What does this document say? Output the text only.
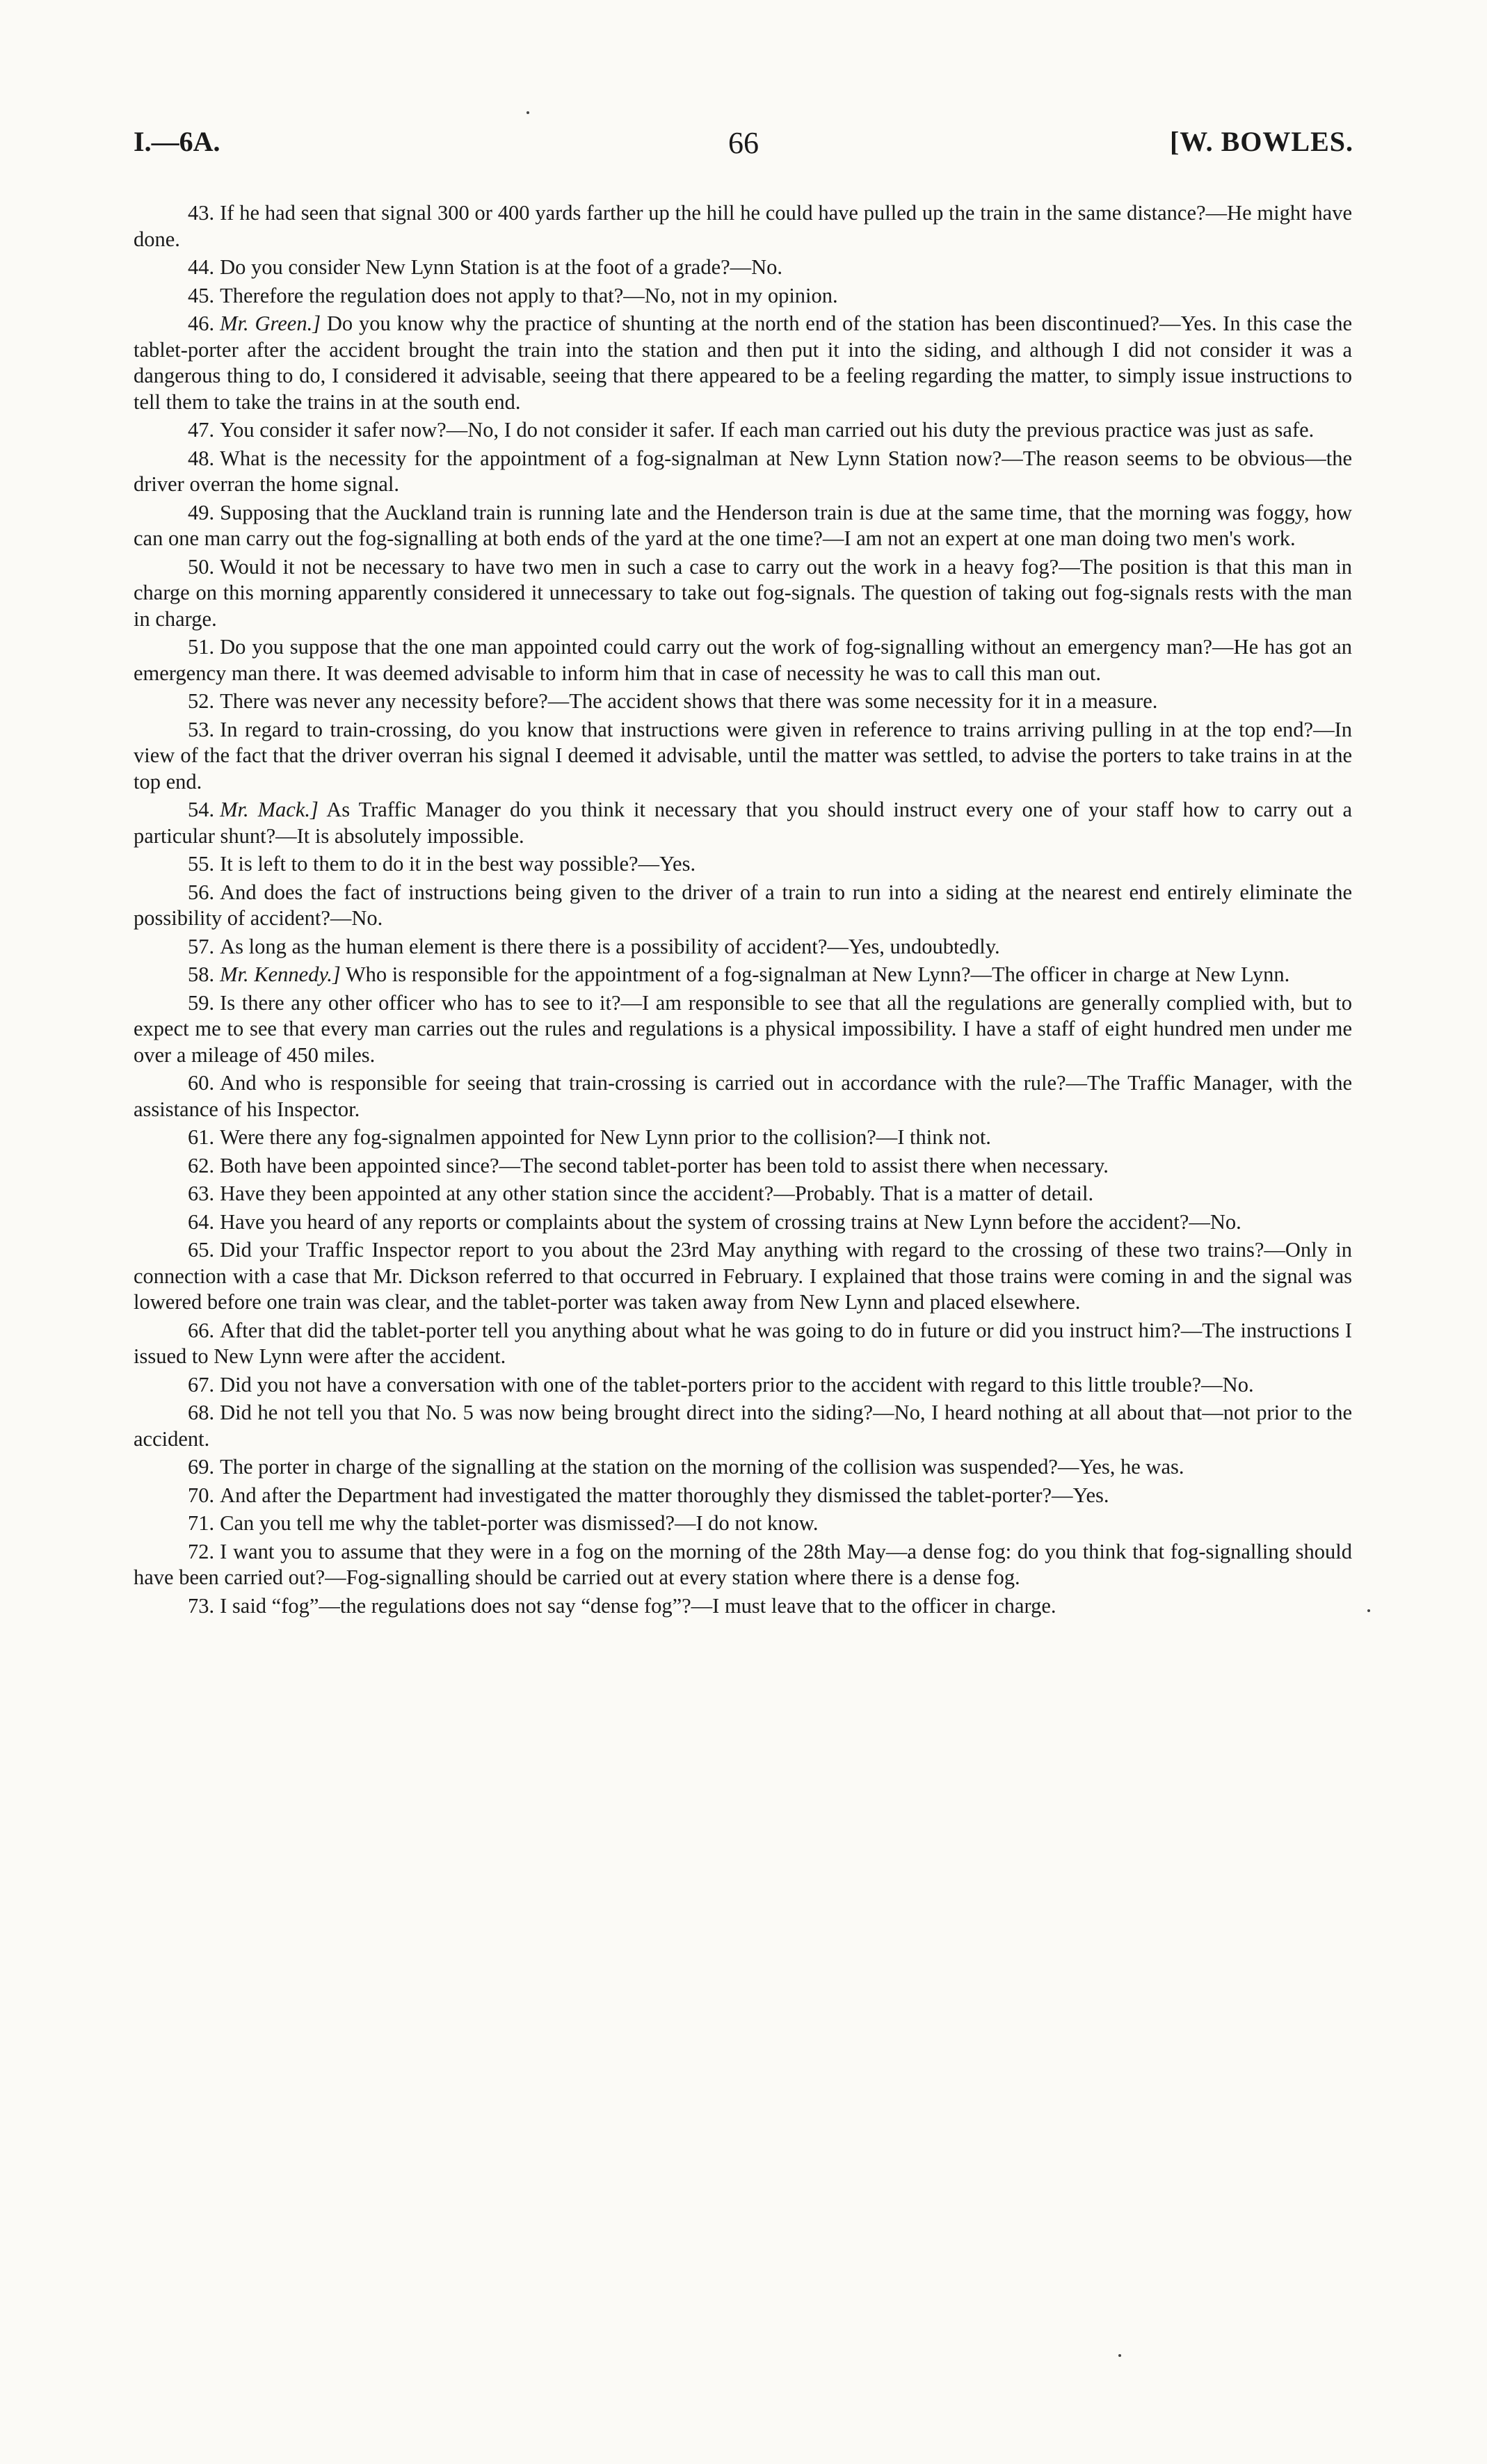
66
I.—6A.	[W. BOWLES.

43. If he had seen that signal 300 or 400 yards farther up the hill he could have pulled up the train in the same distance?—He might have done.

44. Do you consider New Lynn Station is at the foot of a grade?—No.

45. Therefore the regulation does not apply to that?—No, not in my opinion.

46. Mr. Green.] Do you know why the practice of shunting at the north end of the station has been discontinued?—Yes. In this case the tablet-porter after the accident brought the train into the station and then put it into the siding, and although I did not consider it was a dangerous thing to do, I considered it advisable, seeing that there appeared to be a feeling regarding the matter, to simply issue instructions to tell them to take the trains in at the south end.

47. You consider it safer now?—No, I do not consider it safer. If each man carried out his duty the previous practice was just as safe.

48. What is the necessity for the appointment of a fog-signalman at New Lynn Station now?—The reason seems to be obvious—the driver overran the home signal.

49. Supposing that the Auckland train is running late and the Henderson train is due at the same time, that the morning was foggy, how can one man carry out the fog-signalling at both ends of the yard at the one time?—I am not an expert at one man doing two men's work.

50. Would it not be necessary to have two men in such a case to carry out the work in a heavy fog?—The position is that this man in charge on this morning apparently considered it unnecessary to take out fog-signals. The question of taking out fog-signals rests with the man in charge.

51. Do you suppose that the one man appointed could carry out the work of fog-signalling without an emergency man?—He has got an emergency man there. It was deemed advisable to inform him that in case of necessity he was to call this man out.

52. There was never any necessity before?—The accident shows that there was some necessity for it in a measure.

53. In regard to train-crossing, do you know that instructions were given in reference to trains arriving pulling in at the top end?—In view of the fact that the driver overran his signal I deemed it advisable, until the matter was settled, to advise the porters to take trains in at the top end.

54. Mr. Mack.] As Traffic Manager do you think it necessary that you should instruct every one of your staff how to carry out a particular shunt?—It is absolutely impossible.

55. It is left to them to do it in the best way possible?—Yes.

56. And does the fact of instructions being given to the driver of a train to run into a siding at the nearest end entirely eliminate the possibility of accident?—No.

57. As long as the human element is there there is a possibility of accident?—Yes, undoubtedly.

58. Mr. Kennedy.] Who is responsible for the appointment of a fog-signalman at New Lynn?—The officer in charge at New Lynn.

59. Is there any other officer who has to see to it?—I am responsible to see that all the regulations are generally complied with, but to expect me to see that every man carries out the rules and regulations is a physical impossibility. I have a staff of eight hundred men under me over a mileage of 450 miles.

60. And who is responsible for seeing that train-crossing is carried out in accordance with the rule?—The Traffic Manager, with the assistance of his Inspector.

61. Were there any fog-signalmen appointed for New Lynn prior to the collision?—I think not.

62. Both have been appointed since?—The second tablet-porter has been told to assist there when necessary.

63. Have they been appointed at any other station since the accident?—Probably. That is a matter of detail.

64. Have you heard of any reports or complaints about the system of crossing trains at New Lynn before the accident?—No.

65. Did your Traffic Inspector report to you about the 23rd May anything with regard to the crossing of these two trains?—Only in connection with a case that Mr. Dickson referred to that occurred in February. I explained that those trains were coming in and the signal was lowered before one train was clear, and the tablet-porter was taken away from New Lynn and placed elsewhere.

66. After that did the tablet-porter tell you anything about what he was going to do in future or did you instruct him?—The instructions I issued to New Lynn were after the accident.

67. Did you not have a conversation with one of the tablet-porters prior to the accident with regard to this little trouble?—No.

68. Did he not tell you that No. 5 was now being brought direct into the siding?—No, I heard nothing at all about that—not prior to the accident.

69. The porter in charge of the signalling at the station on the morning of the collision was suspended?—Yes, he was.

70. And after the Department had investigated the matter thoroughly they dismissed the tablet-porter?—Yes.

71. Can you tell me why the tablet-porter was dismissed?—I do not know.

72. I want you to assume that they were in a fog on the morning of the 28th May—a dense fog: do you think that fog-signalling should have been carried out?—Fog-signalling should be carried out at every station where there is a dense fog.

73. I said “fog”—the regulations does not say “dense fog”?—I must leave that to the officer in charge.
